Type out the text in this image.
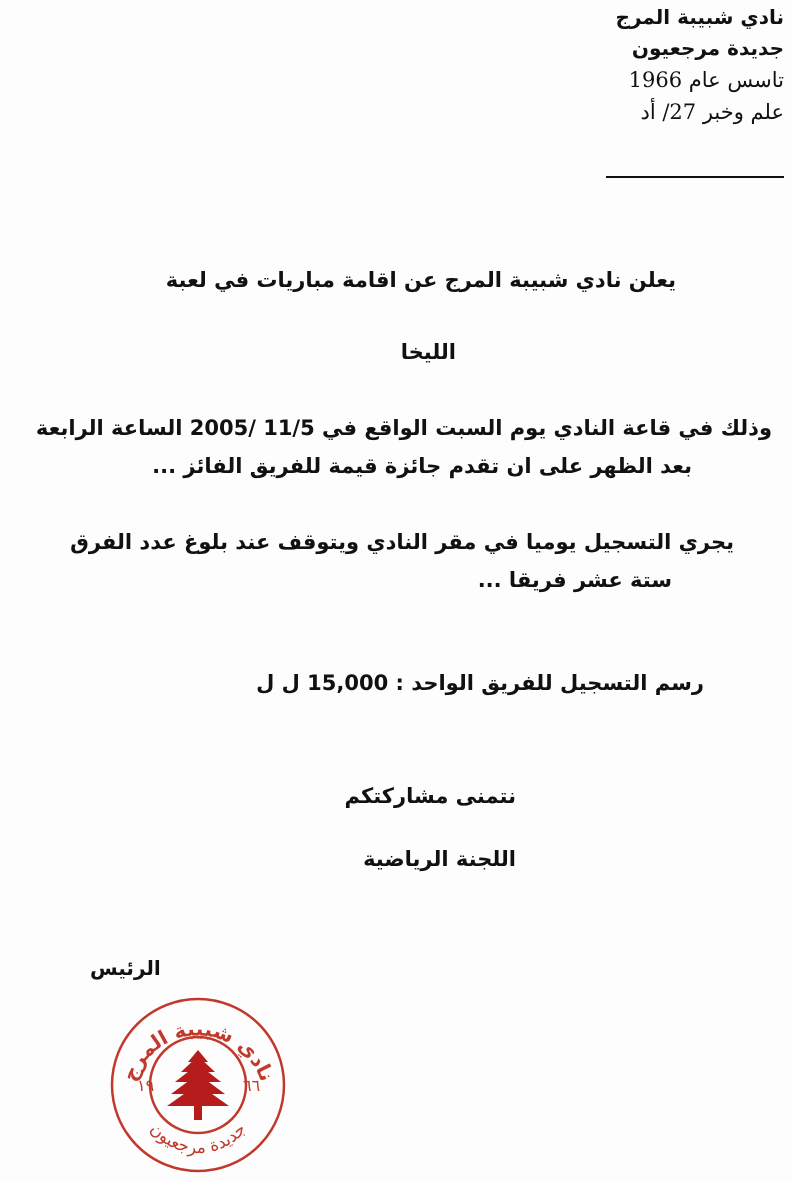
نادي شبيبة المرج
جديدة مرجعيون
تاسس عام 1966
علم وخبر 27/ أد
يعلن نادي شبيبة المرج عن اقامة مباريات في لعبة
الليخا
وذلك في قاعة النادي يوم السبت الواقع في 11/5 /2005 الساعة الرابعة
بعد الظهر على ان تقدم جائزة قيمة للفريق الفائز ...
يجري التسجيل يوميا في مقر النادي ويتوقف عند بلوغ عدد الفرق
ستة عشر فريقا ...
رسم التسجيل للفريق الواحد : 15,000 ل ل
نتمنى مشاركتكم
اللجنة الرياضية
الرئيس
نادي شبيبة المرج
جديدة مرجعيون
١٩	٦٦
